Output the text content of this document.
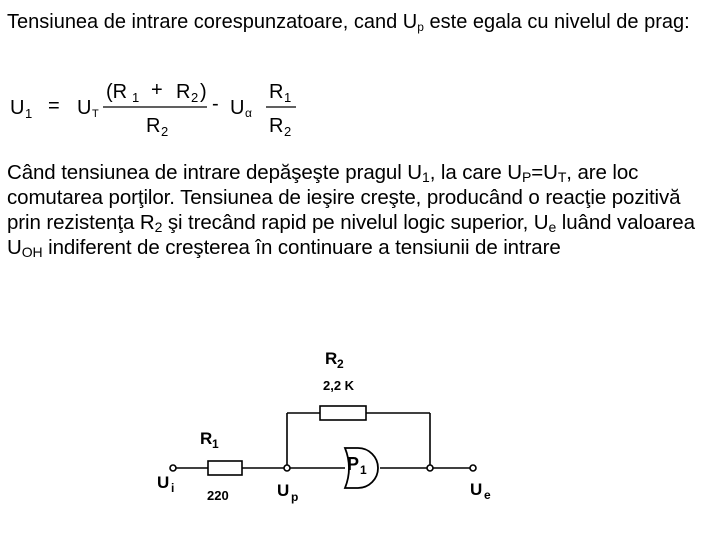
Tensiunea de intrare corespunzatoare, cand $U_p$ este egala cu nivelul de prag:

U 1 = U T
(R 1 + R 2 )
R 2
- U α
R 1
R 2

Când tensiunea de intrare depăşeşte pragul $U_1$, la care $U_P=U_T$, are loc comutarea porţilor. Tensiunea de ieşire creşte, producând o reacţie pozitivă prin rezistenţa $R_2$ şi trecând rapid pe nivelul logic superior, $U_e$ luând valoarea $U_{OH}$ indiferent de creşterea în continuare a tensiunii de intrare

R 2
2,2 K
R 1
220
U i	U p
P 1
U e
